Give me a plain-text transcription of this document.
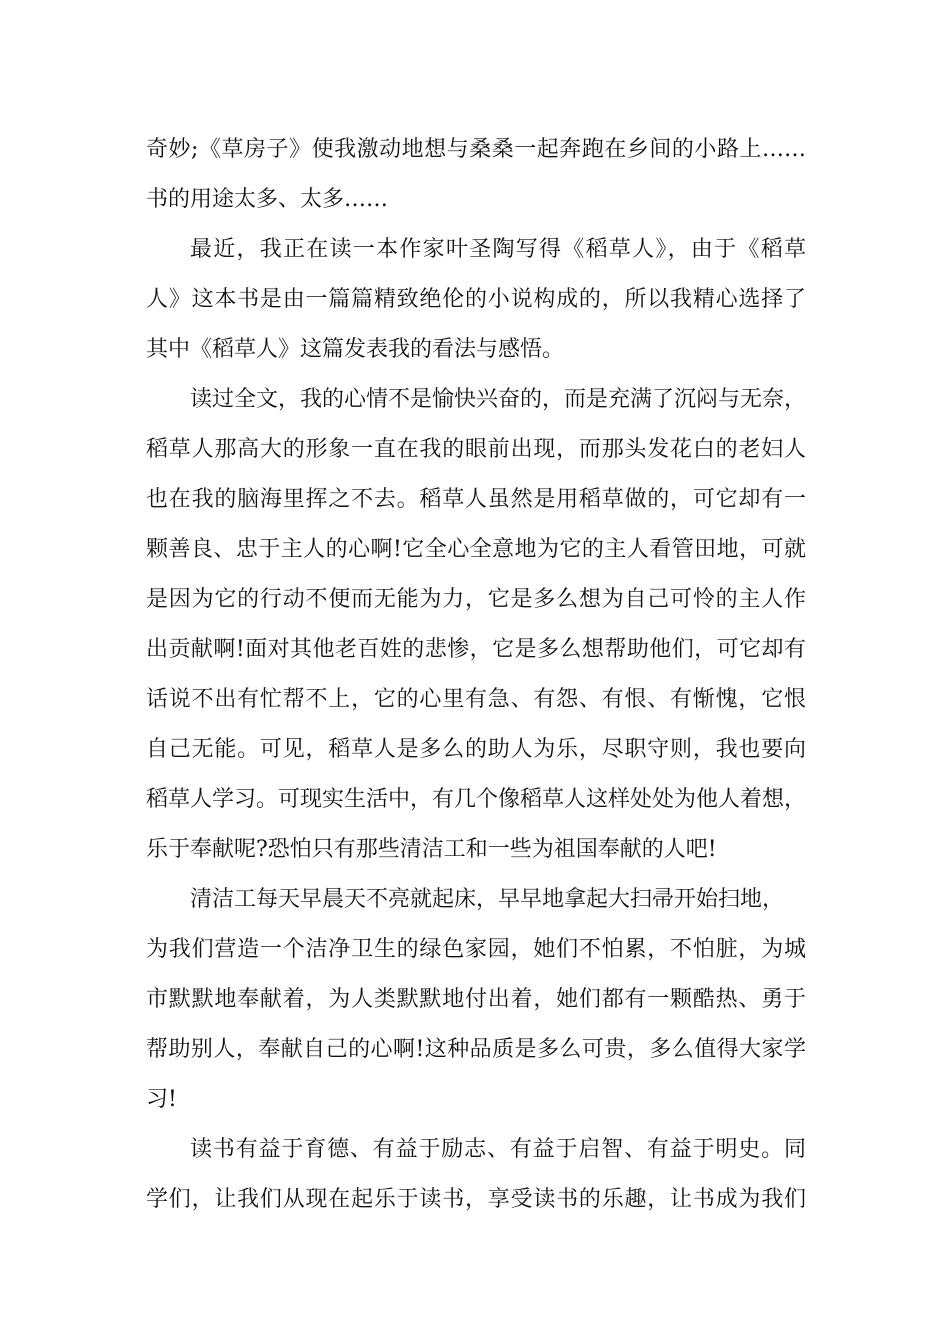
奇妙;《草房子》使我激动地想与桑桑一起奔跑在乡间的小路上……
书的用途太多、太多……
最近，我正在读一本作家叶圣陶写得《稻草人》，由于《稻草
人》这本书是由一篇篇精致绝伦的小说构成的，所以我精心选择了
其中《稻草人》这篇发表我的看法与感悟。
读过全文，我的心情不是愉快兴奋的，而是充满了沉闷与无奈，
稻草人那高大的形象一直在我的眼前出现，而那头发花白的老妇人
也在我的脑海里挥之不去。稻草人虽然是用稻草做的，可它却有一
颗善良、忠于主人的心啊!它全心全意地为它的主人看管田地，可就
是因为它的行动不便而无能为力，它是多么想为自己可怜的主人作
出贡献啊!面对其他老百姓的悲惨，它是多么想帮助他们，可它却有
话说不出有忙帮不上，它的心里有急、有怨、有恨、有惭愧，它恨
自己无能。可见，稻草人是多么的助人为乐，尽职守则，我也要向
稻草人学习。可现实生活中，有几个像稻草人这样处处为他人着想，
乐于奉献呢?恐怕只有那些清洁工和一些为祖国奉献的人吧!
清洁工每天早晨天不亮就起床，早早地拿起大扫帚开始扫地，
为我们营造一个洁净卫生的绿色家园，她们不怕累，不怕脏，为城
市默默地奉献着，为人类默默地付出着，她们都有一颗酷热、勇于
帮助别人，奉献自己的心啊!这种品质是多么可贵，多么值得大家学
习!
读书有益于育德、有益于励志、有益于启智、有益于明史。同
学们，让我们从现在起乐于读书，享受读书的乐趣，让书成为我们
